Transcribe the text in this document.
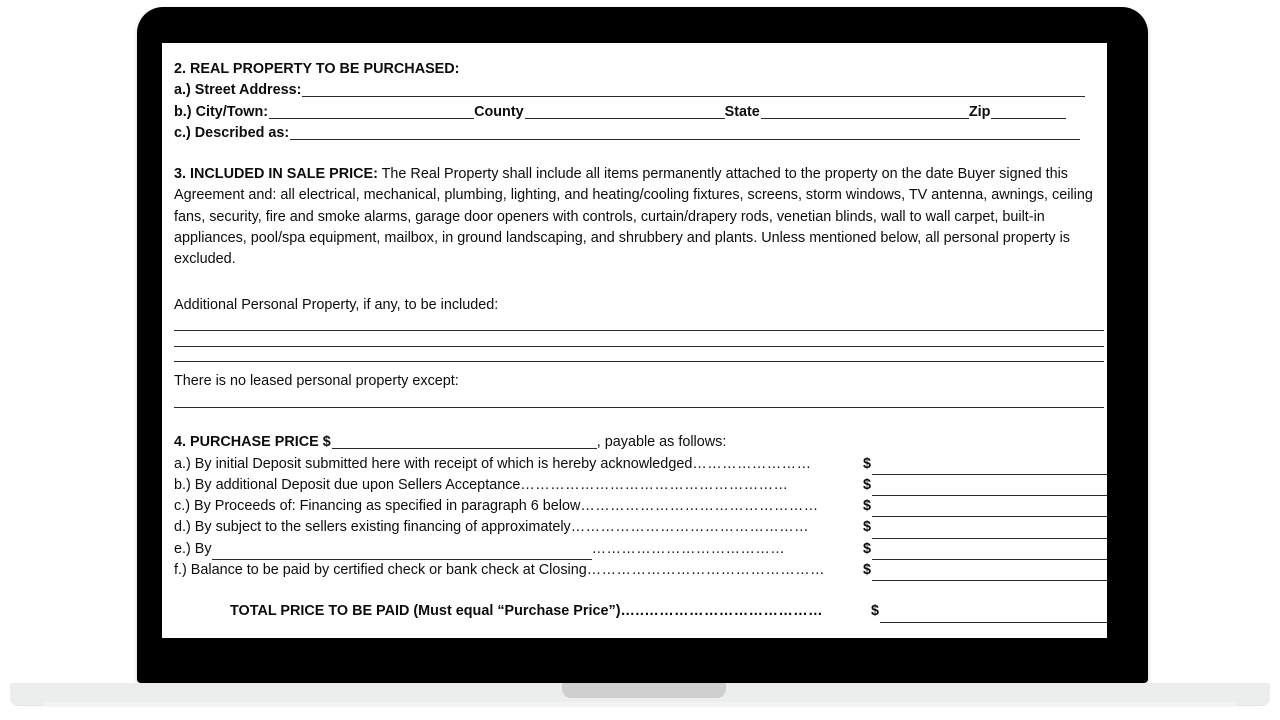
2. REAL PROPERTY TO BE PURCHASED:
a.) Street Address:
b.) City/Town:	County	State	Zip
c.) Described as:

3. INCLUDED IN SALE PRICE: The Real Property shall include all items permanently attached to the property on the date Buyer signed this Agreement and: all electrical, mechanical, plumbing, lighting, and heating/cooling fixtures, screens, storm windows, TV antenna, awnings, ceiling fans, security, fire and smoke alarms, garage door openers with controls, curtain/drapery rods, venetian blinds, wall to wall carpet, built-in appliances, pool/spa equipment, mailbox, in ground landscaping, and shrubbery and plants. Unless mentioned below, all personal property is excluded.

Additional Personal Property, if any, to be included:
There is no leased personal property except:
4. PURCHASE PRICE $	, payable as follows:
a.) By initial Deposit submitted here with receipt of which is hereby acknowledged ……………………	$
b.) By additional Deposit due upon Sellers Acceptance ………………………………………………	$
c.) By Proceeds of: Financing as specified in paragraph 6 below …………………………………………	$
d.) By subject to the sellers existing financing of approximately …………………………………………	$
e.) By	…………………………………	$
f.) Balance to be paid by certified check or bank check at Closing …………………………………………	$
TOTAL PRICE TO BE PAID (Must equal “Purchase Price”) …..………………………………	$
